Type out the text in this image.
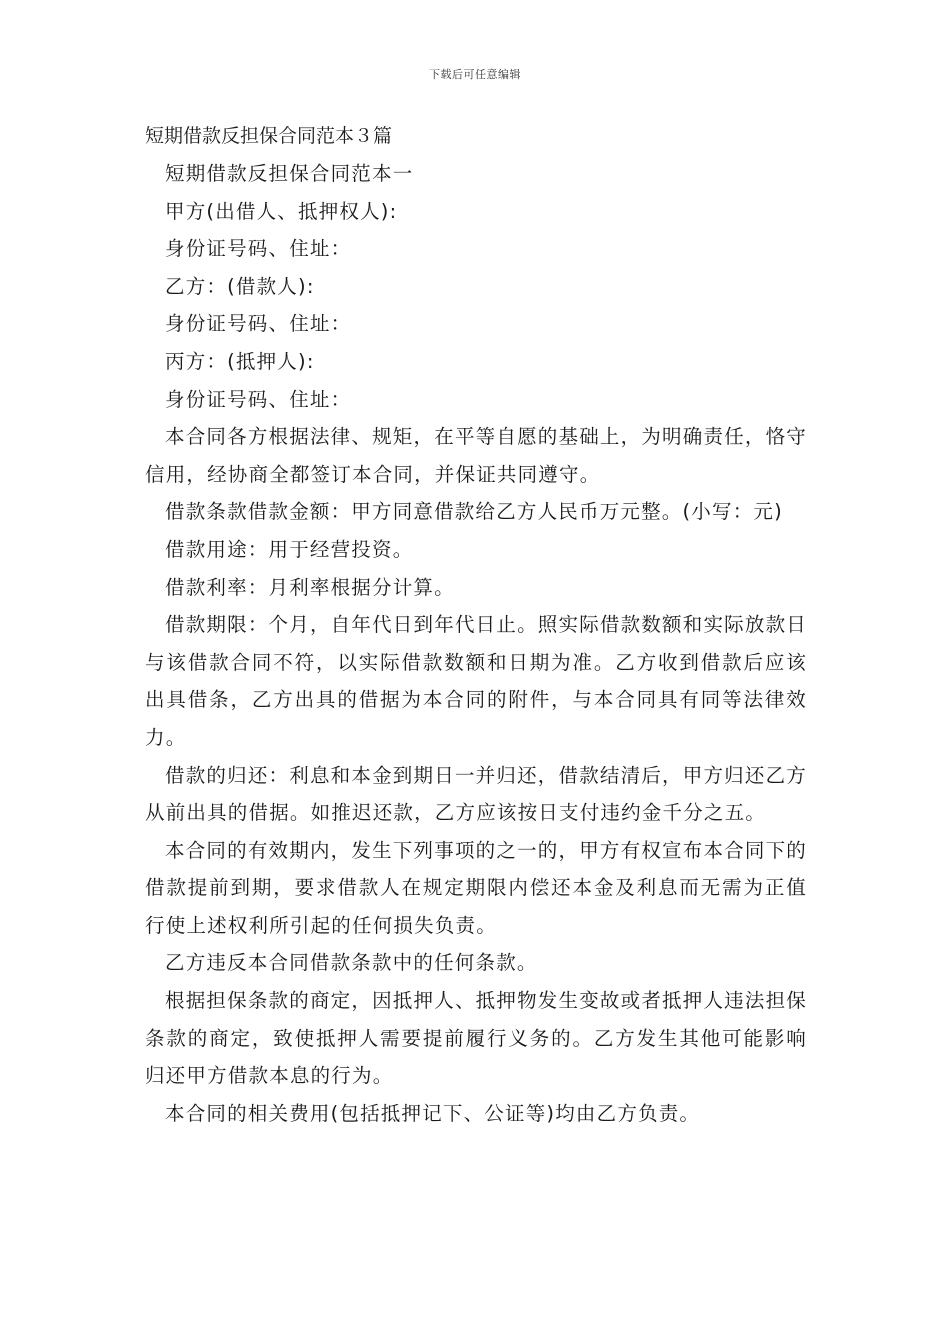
下载后可任意编辑
短期借款反担保合同范本３篇

短期借款反担保合同范本一

甲方(出借人、抵押权人):

身份证号码、住址：

乙方：(借款人):

身份证号码、住址：

丙方：(抵押人):

身份证号码、住址：

本合同各方根据法律、规矩，在平等自愿的基础上，为明确责任，恪守信用，经协商全都签订本合同，并保证共同遵守。

借款条款借款金额：甲方同意借款给乙方人民币万元整。(小写：元)

借款用途：用于经营投资。

借款利率：月利率根据分计算。

借款期限：个月，自年代日到年代日止。照实际借款数额和实际放款日与该借款合同不符，以实际借款数额和日期为准。乙方收到借款后应该出具借条，乙方出具的借据为本合同的附件，与本合同具有同等法律效力。

借款的归还：利息和本金到期日一并归还，借款结清后，甲方归还乙方从前出具的借据。如推迟还款，乙方应该按日支付违约金千分之五。

本合同的有效期内，发生下列事项的之一的，甲方有权宣布本合同下的借款提前到期，要求借款人在规定期限内偿还本金及利息而无需为正值行使上述权利所引起的任何损失负责。

乙方违反本合同借款条款中的任何条款。

根据担保条款的商定，因抵押人、抵押物发生变故或者抵押人违法担保条款的商定，致使抵押人需要提前履行义务的。乙方发生其他可能影响归还甲方借款本息的行为。

本合同的相关费用(包括抵押记下、公证等)均由乙方负责。
